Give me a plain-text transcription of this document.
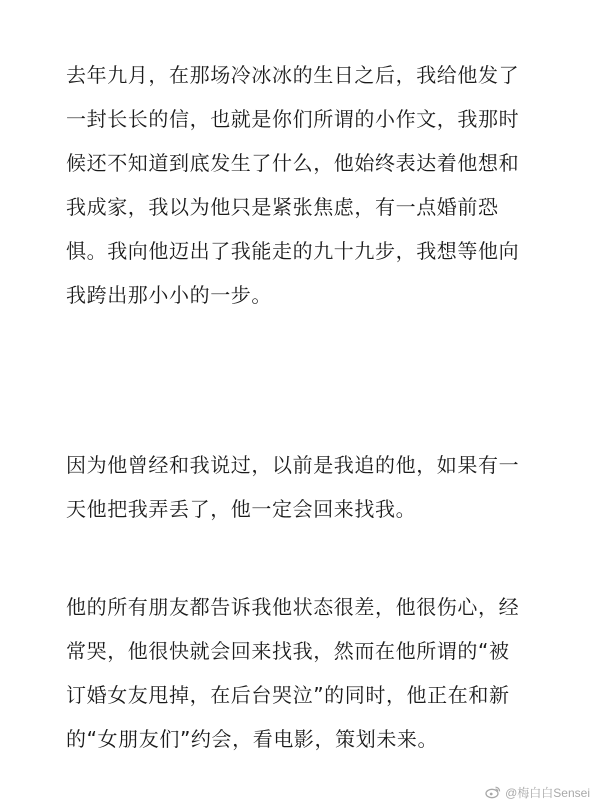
去年九月，在那场冷冰冰的生日之后，我给他发了
一封长长的信，也就是你们所谓的小作文，我那时
候还不知道到底发生了什么，他始终表达着他想和
我成家，我以为他只是紧张焦虑，有一点婚前恐
惧。我向他迈出了我能走的九十九步，我想等他向
我跨出那小小的一步。
因为他曾经和我说过，以前是我追的他，如果有一
天他把我弄丢了，他一定会回来找我。
他的所有朋友都告诉我他状态很差，他很伤心，经
常哭，他很快就会回来找我，然而在他所谓的“被
订婚女友甩掉，在后台哭泣”的同时，他正在和新
的“女朋友们”约会，看电影，策划未来。
@梅白白Sensei
